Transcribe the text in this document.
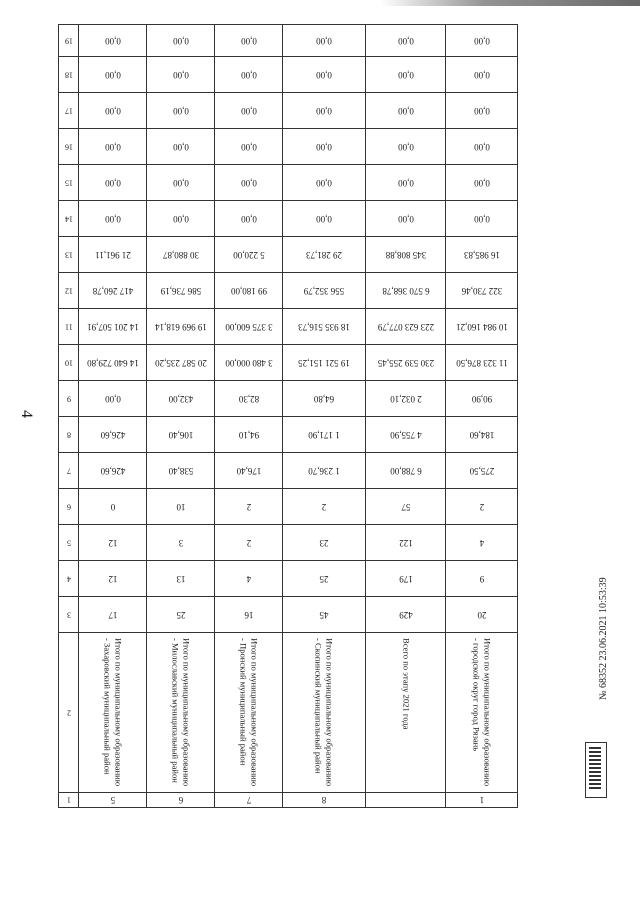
4
19	0,00	0,00	0,00	0,00	0,00	0,00

18	0,00	0,00	0,00	0,00	0,00	0,00

17	0,00	0,00	0,00	0,00	0,00	0,00

16	0,00	0,00	0,00	0,00	0,00	0,00

15	0,00	0,00	0,00	0,00	0,00	0,00

14	0,00	0,00	0,00	0,00	0,00	0,00

13	21 961,11	30 880,87	5 220,00	29 281,73	345 808,88	16 985,83

12	417 260,78	586 736,19	99 180,00	556 352,79	6 570 368,78	322 730,46

11	14 201 507,91	19 969 618,14	3 375 600,00	18 935 516,73	223 623 077,79	10 984 160,21

10	14 640 729,80	20 587 235,20	3 480 000,00	19 521 151,25	230 539 255,45	11 323 876,50

9	0,00	432,00	82,30	64,80	2 032,10	90,90

8	426,60	106,40	94,10	1 171,90	4 755,90	184,60

7	426,60	538,40	176,40	1 236,70	6 788,00	275,50

6	0	10	2	2	57	2

5	12	3	2	23	122	4

4	12	13	4	25	179	9

3	17	25	16	45	429	20

2	Итого по муниципальному образованию - Захаровский муниципальный район	Итого по муниципальному образованию - Милославский муниципальный район	Итого по муниципальному образованию - Пронский муниципальный район	Итого по муниципальному образованию - Скопинский муниципальный район	Всего по этапу 2021 года	Итого по муниципальному образованию - городской округ город Рязань

1	5	6	7	8		1
№ 68352 23.06.2021 10:53:39
